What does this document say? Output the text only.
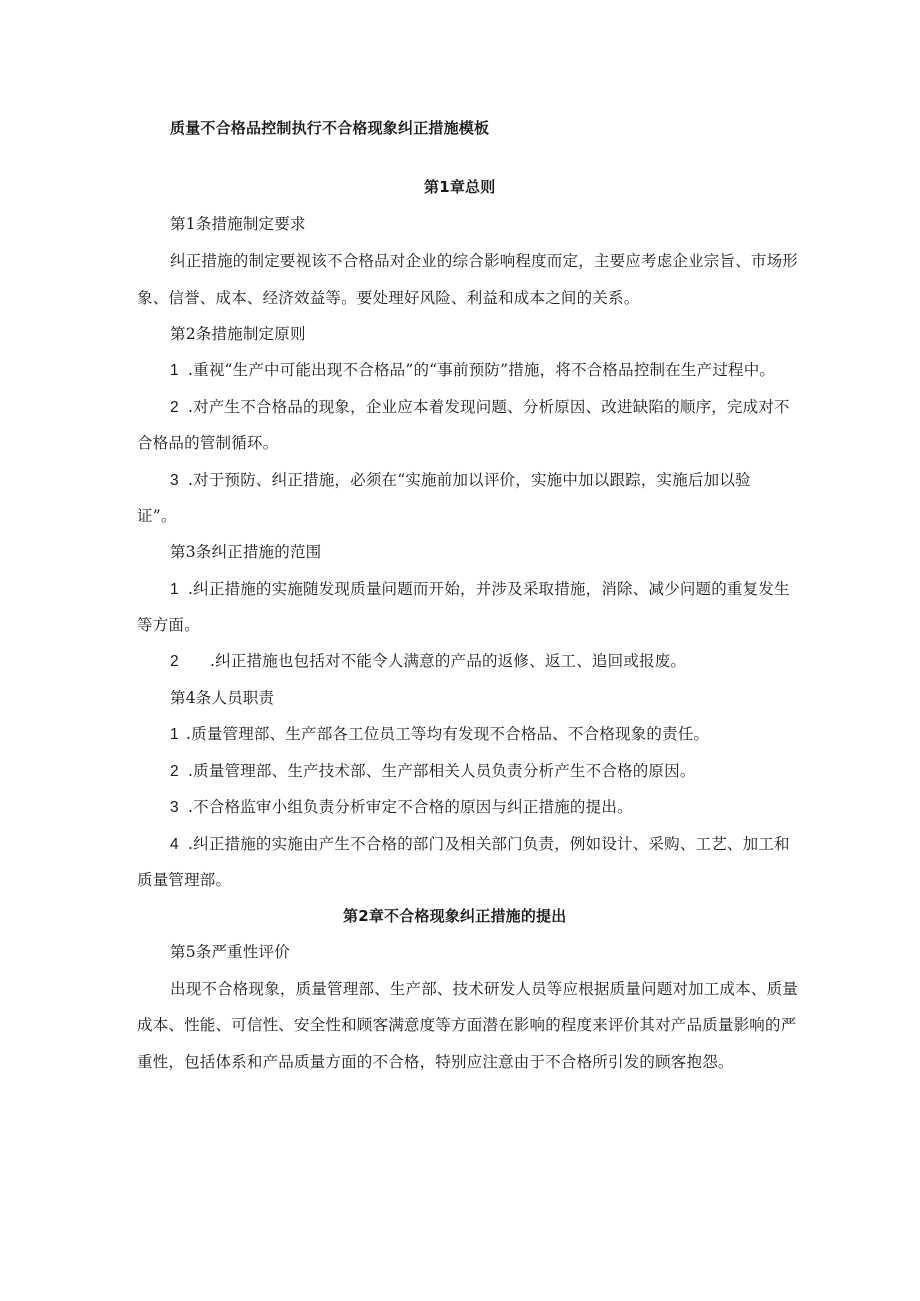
质量不合格品控制执行不合格现象纠正措施模板
第1章总则
第1条措施制定要求
纠正措施的制定要视该不合格品对企业的综合影响程度而定，主要应考虑企业宗旨、市场形
象、信誉、成本、经济效益等。要处理好风险、利益和成本之间的关系。
第2条措施制定原则
1 .重视“生产中可能出现不合格品”的“事前预防”措施，将不合格品控制在生产过程中。
2 .对产生不合格品的现象，企业应本着发现问题、分析原因、改进缺陷的顺序，完成对不
合格品的管制循环。
3 .对于预防、纠正措施，必须在“实施前加以评价，实施中加以跟踪，实施后加以验
证”。
第3条纠正措施的范围
1 .纠正措施的实施随发现质量问题而开始，并涉及采取措施，消除、减少问题的重复发生
等方面。
2 .纠正措施也包括对不能令人满意的产品的返修、返工、追回或报废。
第4条人员职责
1 .质量管理部、生产部各工位员工等均有发现不合格品、不合格现象的责任。
2 .质量管理部、生产技术部、生产部相关人员负责分析产生不合格的原因。
3 .不合格监审小组负责分析审定不合格的原因与纠正措施的提出。
4 .纠正措施的实施由产生不合格的部门及相关部门负责，例如设计、采购、工艺、加工和
质量管理部。
第2章不合格现象纠正措施的提出
第5条严重性评价
出现不合格现象，质量管理部、生产部、技术研发人员等应根据质量问题对加工成本、质量
成本、性能、可信性、安全性和顾客满意度等方面潜在影响的程度来评价其对产品质量影响的严
重性，包括体系和产品质量方面的不合格，特别应注意由于不合格所引发的顾客抱怨。
